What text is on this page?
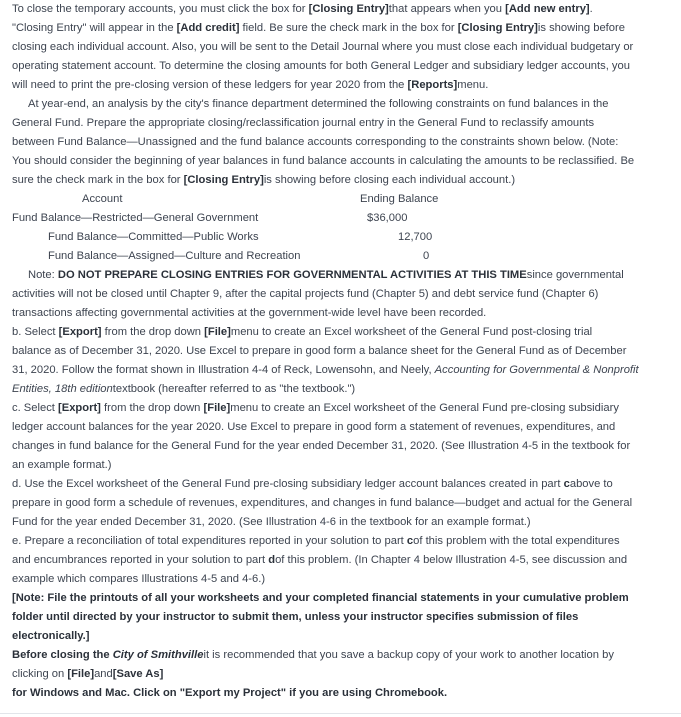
To close the temporary accounts, you must click the box for [Closing Entry]that appears when you [Add new entry].
"Closing Entry" will appear in the [Add credit] field. Be sure the check mark in the box for [Closing Entry]is showing before
closing each individual account. Also, you will be sent to the Detail Journal where you must close each individual budgetary or
operating statement account. To determine the closing amounts for both General Ledger and subsidiary ledger accounts, you
will need to print the pre-closing version of these ledgers for year 2020 from the [Reports]menu.

At year-end, an analysis by the city's finance department determined the following constraints on fund balances in the
General Fund. Prepare the appropriate closing/reclassification journal entry in the General Fund to reclassify amounts
between Fund Balance—Unassigned and the fund balance accounts corresponding to the constraints shown below. (Note:
You should consider the beginning of year balances in fund balance accounts in calculating the amounts to be reclassified. Be
sure the check mark in the box for [Closing Entry]is showing before closing each individual account.)

Account	Ending Balance
Fund Balance—Restricted—General Government	$36,000
Fund Balance—Committed—Public Works	12,700
Fund Balance—Assigned—Culture and Recreation	0

Note: DO NOT PREPARE CLOSING ENTRIES FOR GOVERNMENTAL ACTIVITIES AT THIS TIMEsince governmental
activities will not be closed until Chapter 9, after the capital projects fund (Chapter 5) and debt service fund (Chapter 6)
transactions affecting governmental activities at the government-wide level have been recorded.

b. Select [Export] from the drop down [File]menu to create an Excel worksheet of the General Fund post-closing trial
balance as of December 31, 2020. Use Excel to prepare in good form a balance sheet for the General Fund as of December
31, 2020. Follow the format shown in Illustration 4-4 of Reck, Lowensohn, and Neely, Accounting for Governmental & Nonprofit
Entities, 18th editiontextbook (hereafter referred to as "the textbook.")

c. Select [Export] from the drop down [File]menu to create an Excel worksheet of the General Fund pre-closing subsidiary
ledger account balances for the year 2020. Use Excel to prepare in good form a statement of revenues, expenditures, and
changes in fund balance for the General Fund for the year ended December 31, 2020. (See Illustration 4-5 in the textbook for
an example format.)

d. Use the Excel worksheet of the General Fund pre-closing subsidiary ledger account balances created in part cabove to
prepare in good form a schedule of revenues, expenditures, and changes in fund balance—budget and actual for the General
Fund for the year ended December 31, 2020. (See Illustration 4-6 in the textbook for an example format.)

e. Prepare a reconciliation of total expenditures reported in your solution to part cof this problem with the total expenditures
and encumbrances reported in your solution to part dof this problem. (In Chapter 4 below Illustration 4-5, see discussion and
example which compares Illustrations 4-5 and 4-6.)

[Note: File the printouts of all your worksheets and your completed financial statements in your cumulative problem
folder until directed by your instructor to submit them, unless your instructor specifies submission of files
electronically.]

Before closing the City of Smithvilleit is recommended that you save a backup copy of your work to another location by
clicking on [File]and[Save As]
for Windows and Mac. Click on "Export my Project" if you are using Chromebook.
